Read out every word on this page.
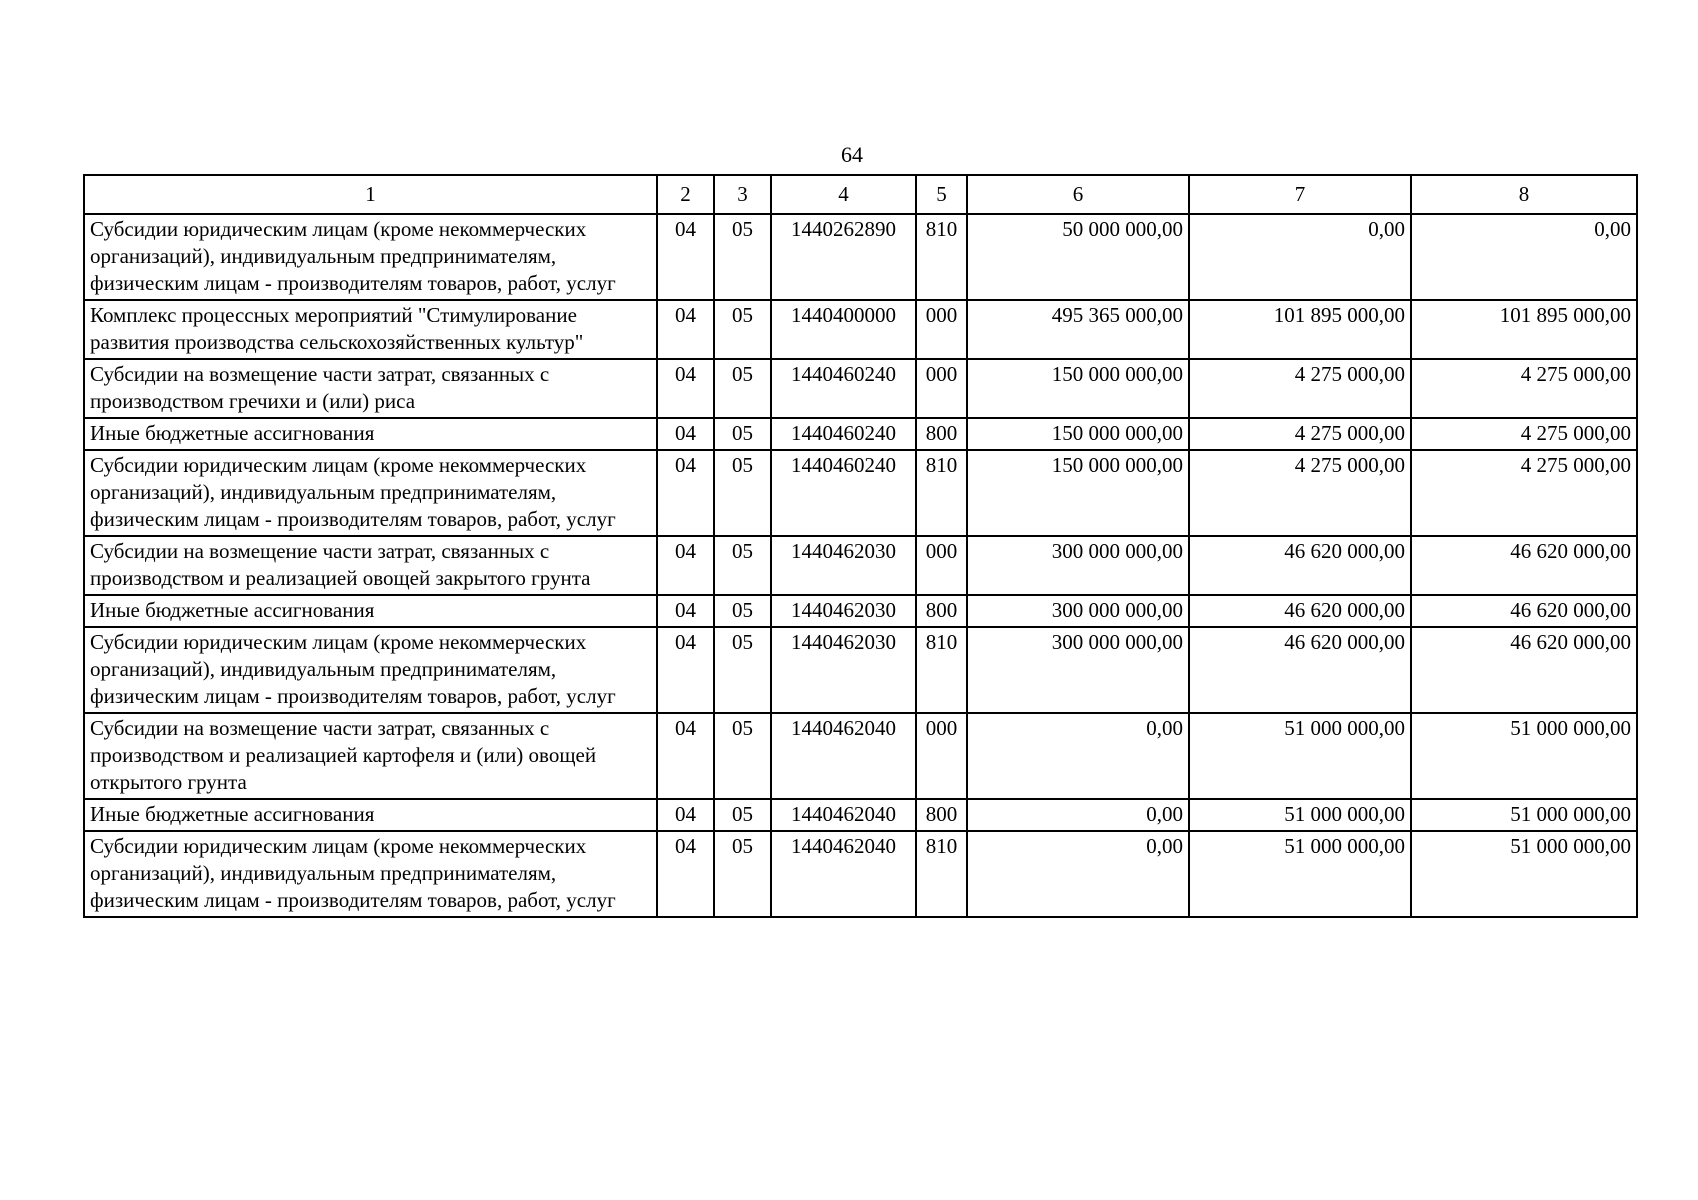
64
1	2	3	4	5	6	7	8
Субсидии юридическим лицам (кроме некоммерческих организаций), индивидуальным предпринимателям, физическим лицам - производителям товаров, работ, услуг	04	05	1440262890	810	50 000 000,00	0,00	0,00
Комплекс процессных мероприятий "Стимулирование развития производства сельскохозяйственных культур"	04	05	1440400000	000	495 365 000,00	101 895 000,00	101 895 000,00
Субсидии на возмещение части затрат, связанных с производством гречихи и (или) риса	04	05	1440460240	000	150 000 000,00	4 275 000,00	4 275 000,00
Иные бюджетные ассигнования	04	05	1440460240	800	150 000 000,00	4 275 000,00	4 275 000,00
Субсидии юридическим лицам (кроме некоммерческих организаций), индивидуальным предпринимателям, физическим лицам - производителям товаров, работ, услуг	04	05	1440460240	810	150 000 000,00	4 275 000,00	4 275 000,00
Субсидии на возмещение части затрат, связанных с производством и реализацией овощей закрытого грунта	04	05	1440462030	000	300 000 000,00	46 620 000,00	46 620 000,00
Иные бюджетные ассигнования	04	05	1440462030	800	300 000 000,00	46 620 000,00	46 620 000,00
Субсидии юридическим лицам (кроме некоммерческих организаций), индивидуальным предпринимателям, физическим лицам - производителям товаров, работ, услуг	04	05	1440462030	810	300 000 000,00	46 620 000,00	46 620 000,00
Субсидии на возмещение части затрат, связанных с производством и реализацией картофеля и (или) овощей открытого грунта	04	05	1440462040	000	0,00	51 000 000,00	51 000 000,00
Иные бюджетные ассигнования	04	05	1440462040	800	0,00	51 000 000,00	51 000 000,00
Субсидии юридическим лицам (кроме некоммерческих организаций), индивидуальным предпринимателям, физическим лицам - производителям товаров, работ, услуг	04	05	1440462040	810	0,00	51 000 000,00	51 000 000,00
